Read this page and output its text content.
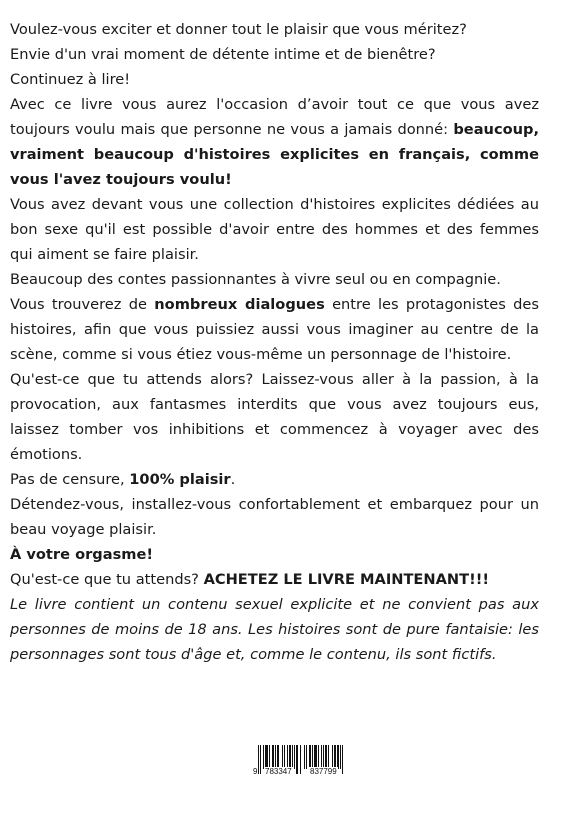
Voulez-vous exciter et donner tout le plaisir que vous méritez?

Envie d'un vrai moment de détente intime et de bienêtre?

Continuez à lire!

Avec ce livre vous aurez l'occasion d’avoir tout ce que vous avez toujours voulu mais que personne ne vous a jamais donné: beaucoup, vraiment beaucoup d'histoires explicites en français, comme vous l'avez toujours voulu!

Vous avez devant vous une collection d'histoires explicites dédiées au bon sexe qu'il est possible d'avoir entre des hommes et des femmes qui aiment se faire plaisir.

Beaucoup des contes passionnantes à vivre seul ou en compagnie.

Vous trouverez de nombreux dialogues entre les protagonistes des histoires, afin que vous puissiez aussi vous imaginer au centre de la scène, comme si vous étiez vous-même un personnage de l'histoire.

Qu'est-ce que tu attends alors? Laissez-vous aller à la passion, à la provocation, aux fantasmes interdits que vous avez toujours eus, laissez tomber vos inhibitions et commencez à voyager avec des émotions.

Pas de censure, 100% plaisir.

Détendez-vous, installez-vous confortablement et embarquez pour un beau voyage plaisir.

À votre orgasme!

Qu'est-ce que tu attends? ACHETEZ LE LIVRE MAINTENANT!!!

Le livre contient un contenu sexuel explicite et ne convient pas aux personnes de moins de 18 ans. Les histoires sont de pure fantaisie: les personnages sont tous d'âge et, comme le contenu, ils sont fictifs.

9 783347 837799
